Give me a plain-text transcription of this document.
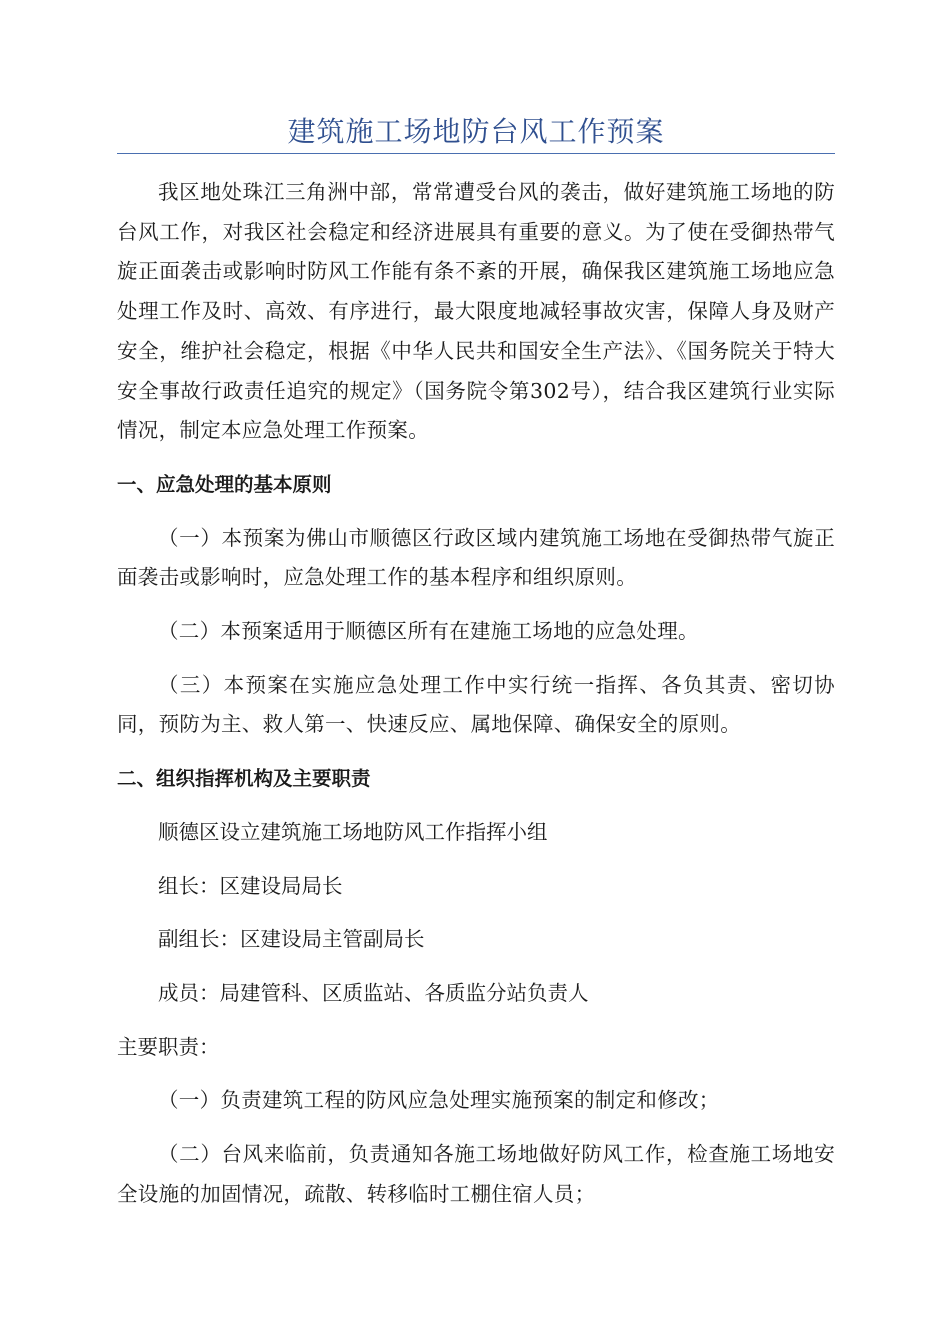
建筑施工场地防台风工作预案

我区地处珠江三角洲中部，常常遭受台风的袭击，做好建筑施工场地的防台风工作，对我区社会稳定和经济进展具有重要的意义。为了使在受御热带气旋正面袭击或影响时防风工作能有条不紊的开展，确保我区建筑施工场地应急处理工作及时、高效、有序进行，最大限度地减轻事故灾害，保障人身及财产安全，维护社会稳定，根据《中华人民共和国安全生产法》、《国务院关于特大安全事故行政责任追究的规定》（国务院令第302号），结合我区建筑行业实际情况，制定本应急处理工作预案。

一、应急处理的基本原则

（一）本预案为佛山市顺德区行政区域内建筑施工场地在受御热带气旋正面袭击或影响时，应急处理工作的基本程序和组织原则。

（二）本预案适用于顺德区所有在建施工场地的应急处理。

（三）本预案在实施应急处理工作中实行统一指挥、各负其责、密切协同，预防为主、救人第一、快速反应、属地保障、确保安全的原则。

二、组织指挥机构及主要职责

顺德区设立建筑施工场地防风工作指挥小组

组长：区建设局局长

副组长：区建设局主管副局长

成员：局建管科、区质监站、各质监分站负责人

主要职责：

（一）负责建筑工程的防风应急处理实施预案的制定和修改；

（二）台风来临前，负责通知各施工场地做好防风工作，检查施工场地安全设施的加固情况，疏散、转移临时工棚住宿人员；
